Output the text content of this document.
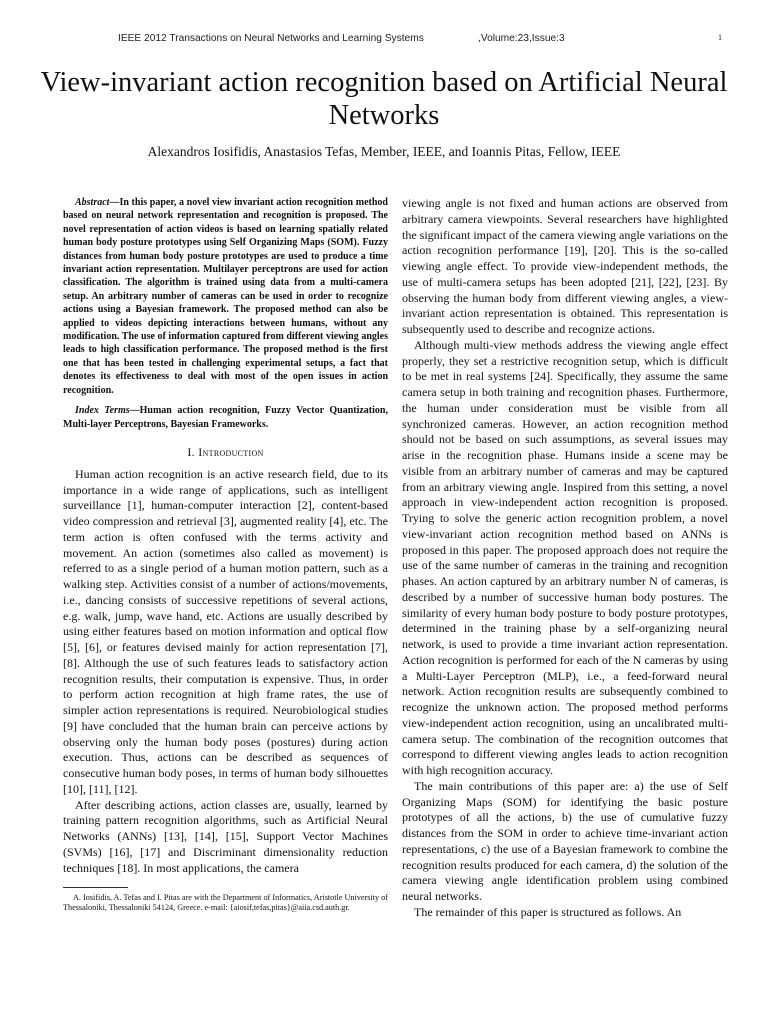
IEEE 2012 Transactions on Neural Networks and Learning Systems	,Volume:23,Issue:3	1
View-invariant action recognition based on Artificial Neural Networks
Alexandros Iosifidis, Anastasios Tefas, Member, IEEE, and Ioannis Pitas, Fellow, IEEE

Abstract—In this paper, a novel view invariant action recognition method based on neural network representation and recognition is proposed. The novel representation of action videos is based on learning spatially related human body posture prototypes using Self Organizing Maps (SOM). Fuzzy distances from human body posture prototypes are used to produce a time invariant action representation. Multilayer perceptrons are used for action classification. The algorithm is trained using data from a multi-camera setup. An arbitrary number of cameras can be used in order to recognize actions using a Bayesian framework. The proposed method can also be applied to videos depicting interactions between humans, without any modification. The use of information captured from different viewing angles leads to high classification performance. The proposed method is the first one that has been tested in challenging experimental setups, a fact that denotes its effectiveness to deal with most of the open issues in action recognition.

Index Terms—Human action recognition, Fuzzy Vector Quantization, Multi-layer Perceptrons, Bayesian Frameworks.

I. Introduction

Human action recognition is an active research field, due to its importance in a wide range of applications, such as intelligent surveillance [1], human-computer interaction [2], content-based video compression and retrieval [3], augmented reality [4], etc. The term action is often confused with the terms activity and movement. An action (sometimes also called as movement) is referred to as a single period of a human motion pattern, such as a walking step. Activities consist of a number of actions/movements, i.e., dancing consists of successive repetitions of several actions, e.g. walk, jump, wave hand, etc. Actions are usually described by using either features based on motion information and optical flow [5], [6], or features devised mainly for action representation [7], [8]. Although the use of such features leads to satisfactory action recognition results, their computation is expensive. Thus, in order to perform action recognition at high frame rates, the use of simpler action representations is required. Neurobiological studies [9] have concluded that the human brain can perceive actions by observing only the human body poses (postures) during action execution. Thus, actions can be described as sequences of consecutive human body poses, in terms of human body silhouettes [10], [11], [12].

After describing actions, action classes are, usually, learned by training pattern recognition algorithms, such as Artificial Neural Networks (ANNs) [13], [14], [15], Support Vector Machines (SVMs) [16], [17] and Discriminant dimensionality reduction techniques [18]. In most applications, the camera

A. Iosifidis, A. Tefas and I. Pitas are with the Department of Informatics, Aristotle University of Thessaloniki, Thessaloniki 54124, Greece. e-mail: {aiosif,tefas,pitas}@aiia.csd.auth.gr.

viewing angle is not fixed and human actions are observed from arbitrary camera viewpoints. Several researchers have highlighted the significant impact of the camera viewing angle variations on the action recognition performance [19], [20]. This is the so-called viewing angle effect. To provide view-independent methods, the use of multi-camera setups has been adopted [21], [22], [23]. By observing the human body from different viewing angles, a view-invariant action representation is obtained. This representation is subsequently used to describe and recognize actions.

Although multi-view methods address the viewing angle effect properly, they set a restrictive recognition setup, which is difficult to be met in real systems [24]. Specifically, they assume the same camera setup in both training and recognition phases. Furthermore, the human under consideration must be visible from all synchronized cameras. However, an action recognition method should not be based on such assumptions, as several issues may arise in the recognition phase. Humans inside a scene may be visible from an arbitrary number of cameras and may be captured from an arbitrary viewing angle. Inspired from this setting, a novel approach in view-independent action recognition is proposed. Trying to solve the generic action recognition problem, a novel view-invariant action recognition method based on ANNs is proposed in this paper. The proposed approach does not require the use of the same number of cameras in the training and recognition phases. An action captured by an arbitrary number N of cameras, is described by a number of successive human body postures. The similarity of every human body posture to body posture prototypes, determined in the training phase by a self-organizing neural network, is used to provide a time invariant action representation. Action recognition is performed for each of the N cameras by using a Multi-Layer Perceptron (MLP), i.e., a feed-forward neural network. Action recognition results are subsequently combined to recognize the unknown action. The proposed method performs view-independent action recognition, using an uncalibrated multi-camera setup. The combination of the recognition outcomes that correspond to different viewing angles leads to action recognition with high recognition accuracy.

The main contributions of this paper are: a) the use of Self Organizing Maps (SOM) for identifying the basic posture prototypes of all the actions, b) the use of cumulative fuzzy distances from the SOM in order to achieve time-invariant action representations, c) the use of a Bayesian framework to combine the recognition results produced for each camera, d) the solution of the camera viewing angle identification problem using combined neural networks.

The remainder of this paper is structured as follows. An
